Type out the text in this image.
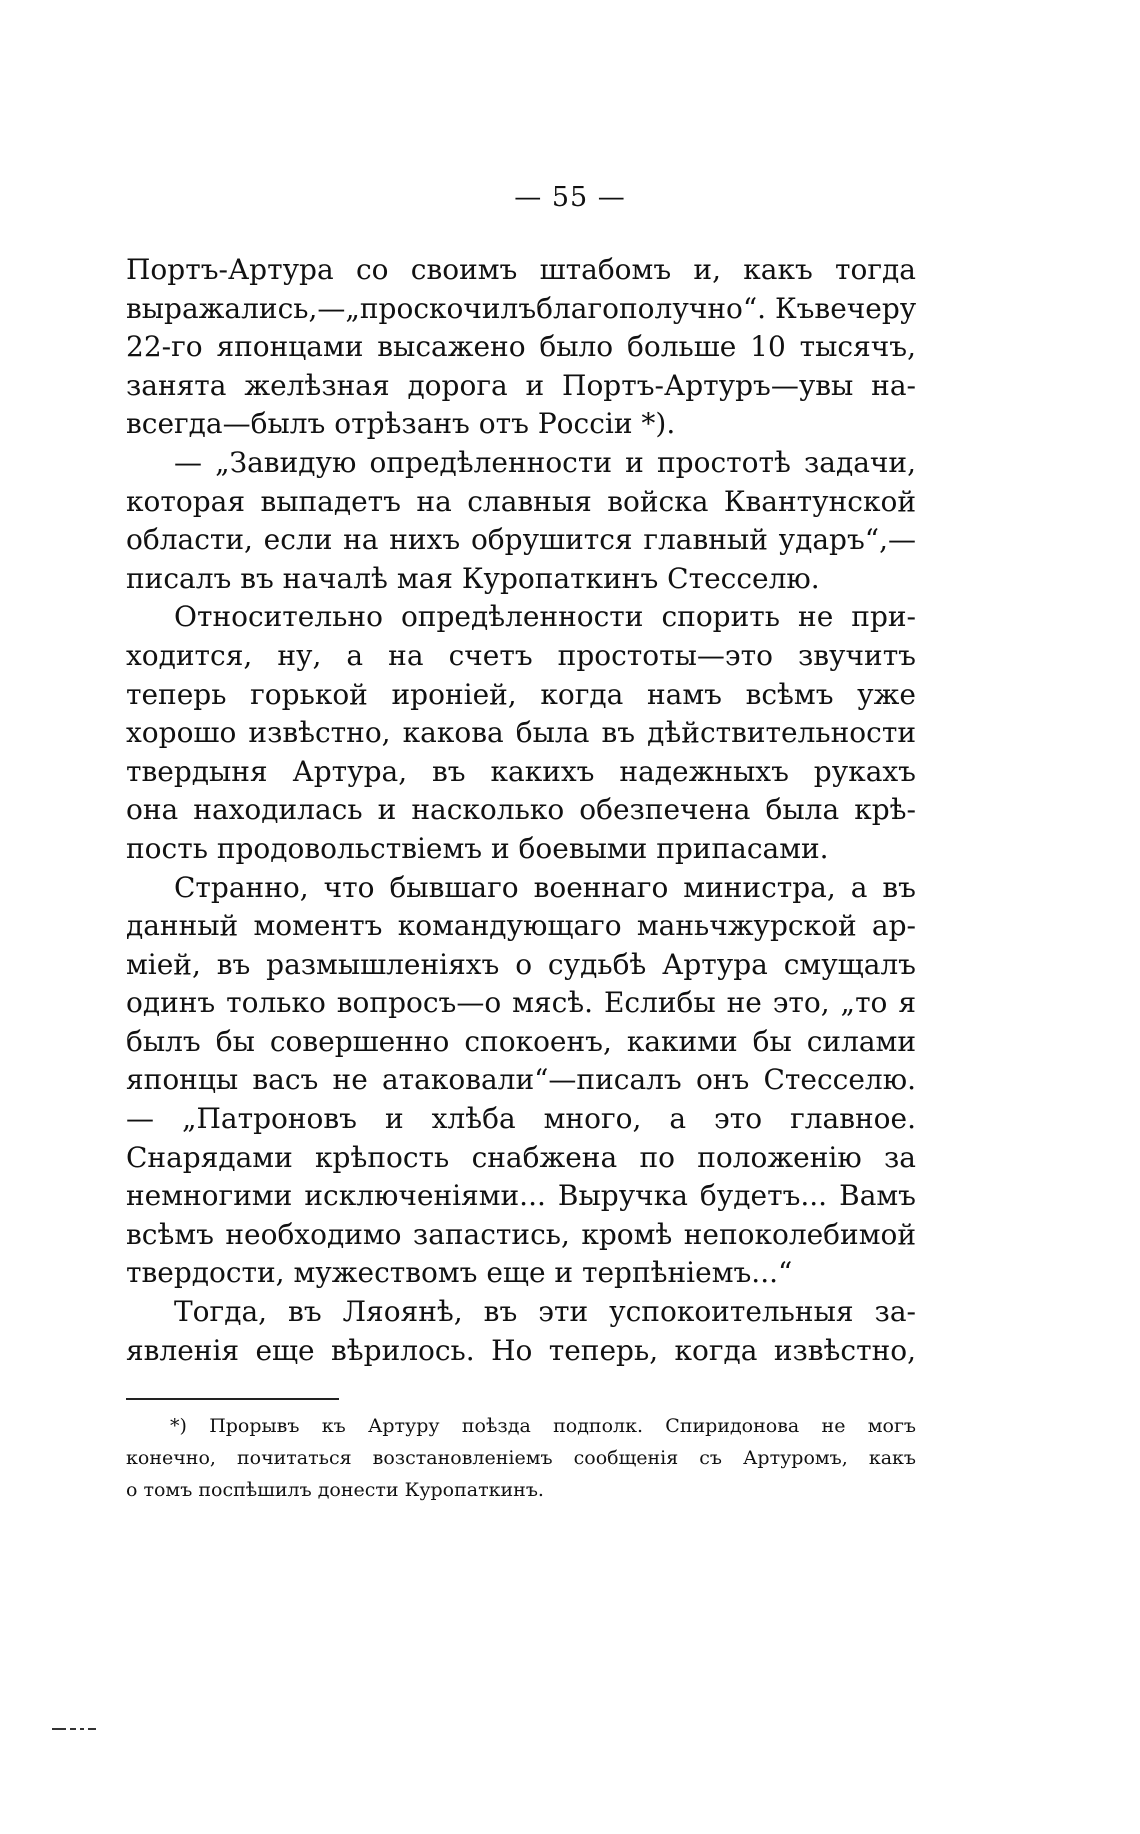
— 55 —
Портъ-Артура со своимъ штабомъ и, какъ тогда
выражались,—„проскочилъблагополучно“. Къвечеру
22-го японцами высажено было больше 10 тысячъ,
занята желѣзная дорога и Портъ-Артуръ—увы на-
всегда—былъ отрѣзанъ отъ Россіи *).
— „Завидую опредѣленности и простотѣ задачи,
которая выпадетъ на славныя войска Квантунской
области, если на нихъ обрушится главный ударъ“,—
писалъ въ началѣ мая Куропаткинъ Стесселю.
Относительно опредѣленности спорить не при-
ходится, ну, а на счетъ простоты—это звучитъ
теперь горькой ироніей, когда намъ всѣмъ уже
хорошо извѣстно, какова была въ дѣйствительности
твердыня Артура, въ какихъ надежныхъ рукахъ
она находилась и насколько обезпечена была крѣ-
пость продовольствіемъ и боевыми припасами.
Странно, что бывшаго военнаго министра, а въ
данный моментъ командующаго маньчжурской ар-
міей, въ размышленіяхъ о судьбѣ Артура смущалъ
одинъ только вопросъ—о мясѣ. Еслибы не это, „то я
былъ бы совершенно спокоенъ, какими бы силами
японцы васъ не атаковали“—писалъ онъ Стесселю.
— „Патроновъ и хлѣба много, а это главное.
Снарядами крѣпость снабжена по положенію за
немногими исключеніями... Выручка будетъ... Вамъ
всѣмъ необходимо запастись, кромѣ непоколебимой
твердости, мужествомъ еще и терпѣніемъ...“
Тогда, въ Ляоянѣ, въ эти успокоительныя за-
явленія еще вѣрилось. Но теперь, когда извѣстно,
*) Прорывъ къ Артуру поѣзда подполк. Спиридонова не могъ
конечно, почитаться возстановленіемъ сообщенія съ Артуромъ, какъ
о томъ поспѣшилъ донести Куропаткинъ.
